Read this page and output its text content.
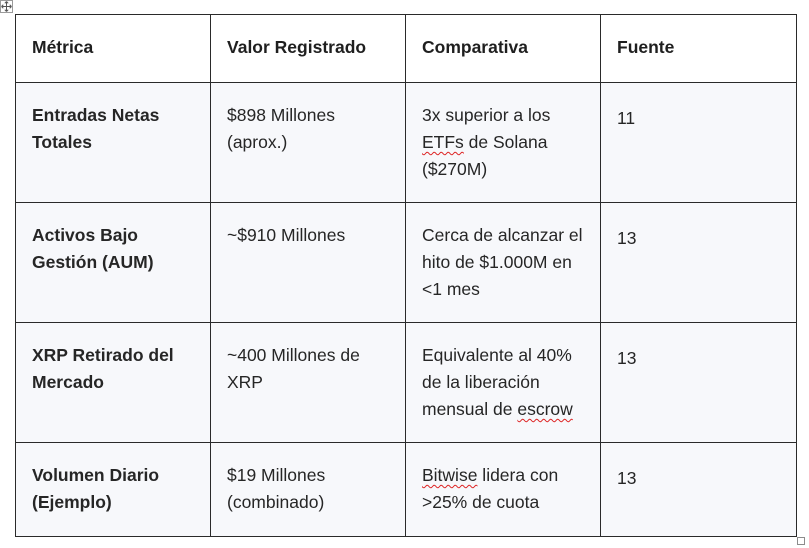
Métrica	Valor Registrado	Comparativa	Fuente
Entradas Netas Totales	$898 Millones (aprox.)	3x superior a los ETFs de Solana ($270M)	11
Activos Bajo Gestión (AUM)	~$910 Millones	Cerca de alcanzar el hito de $1.000M en <1 mes	13
XRP Retirado del Mercado	~400 Millones de XRP	Equivalente al 40% de la liberación mensual de escrow	13
Volumen Diario (Ejemplo)	$19 Millones (combinado)	Bitwise lidera con >25% de cuota	13
